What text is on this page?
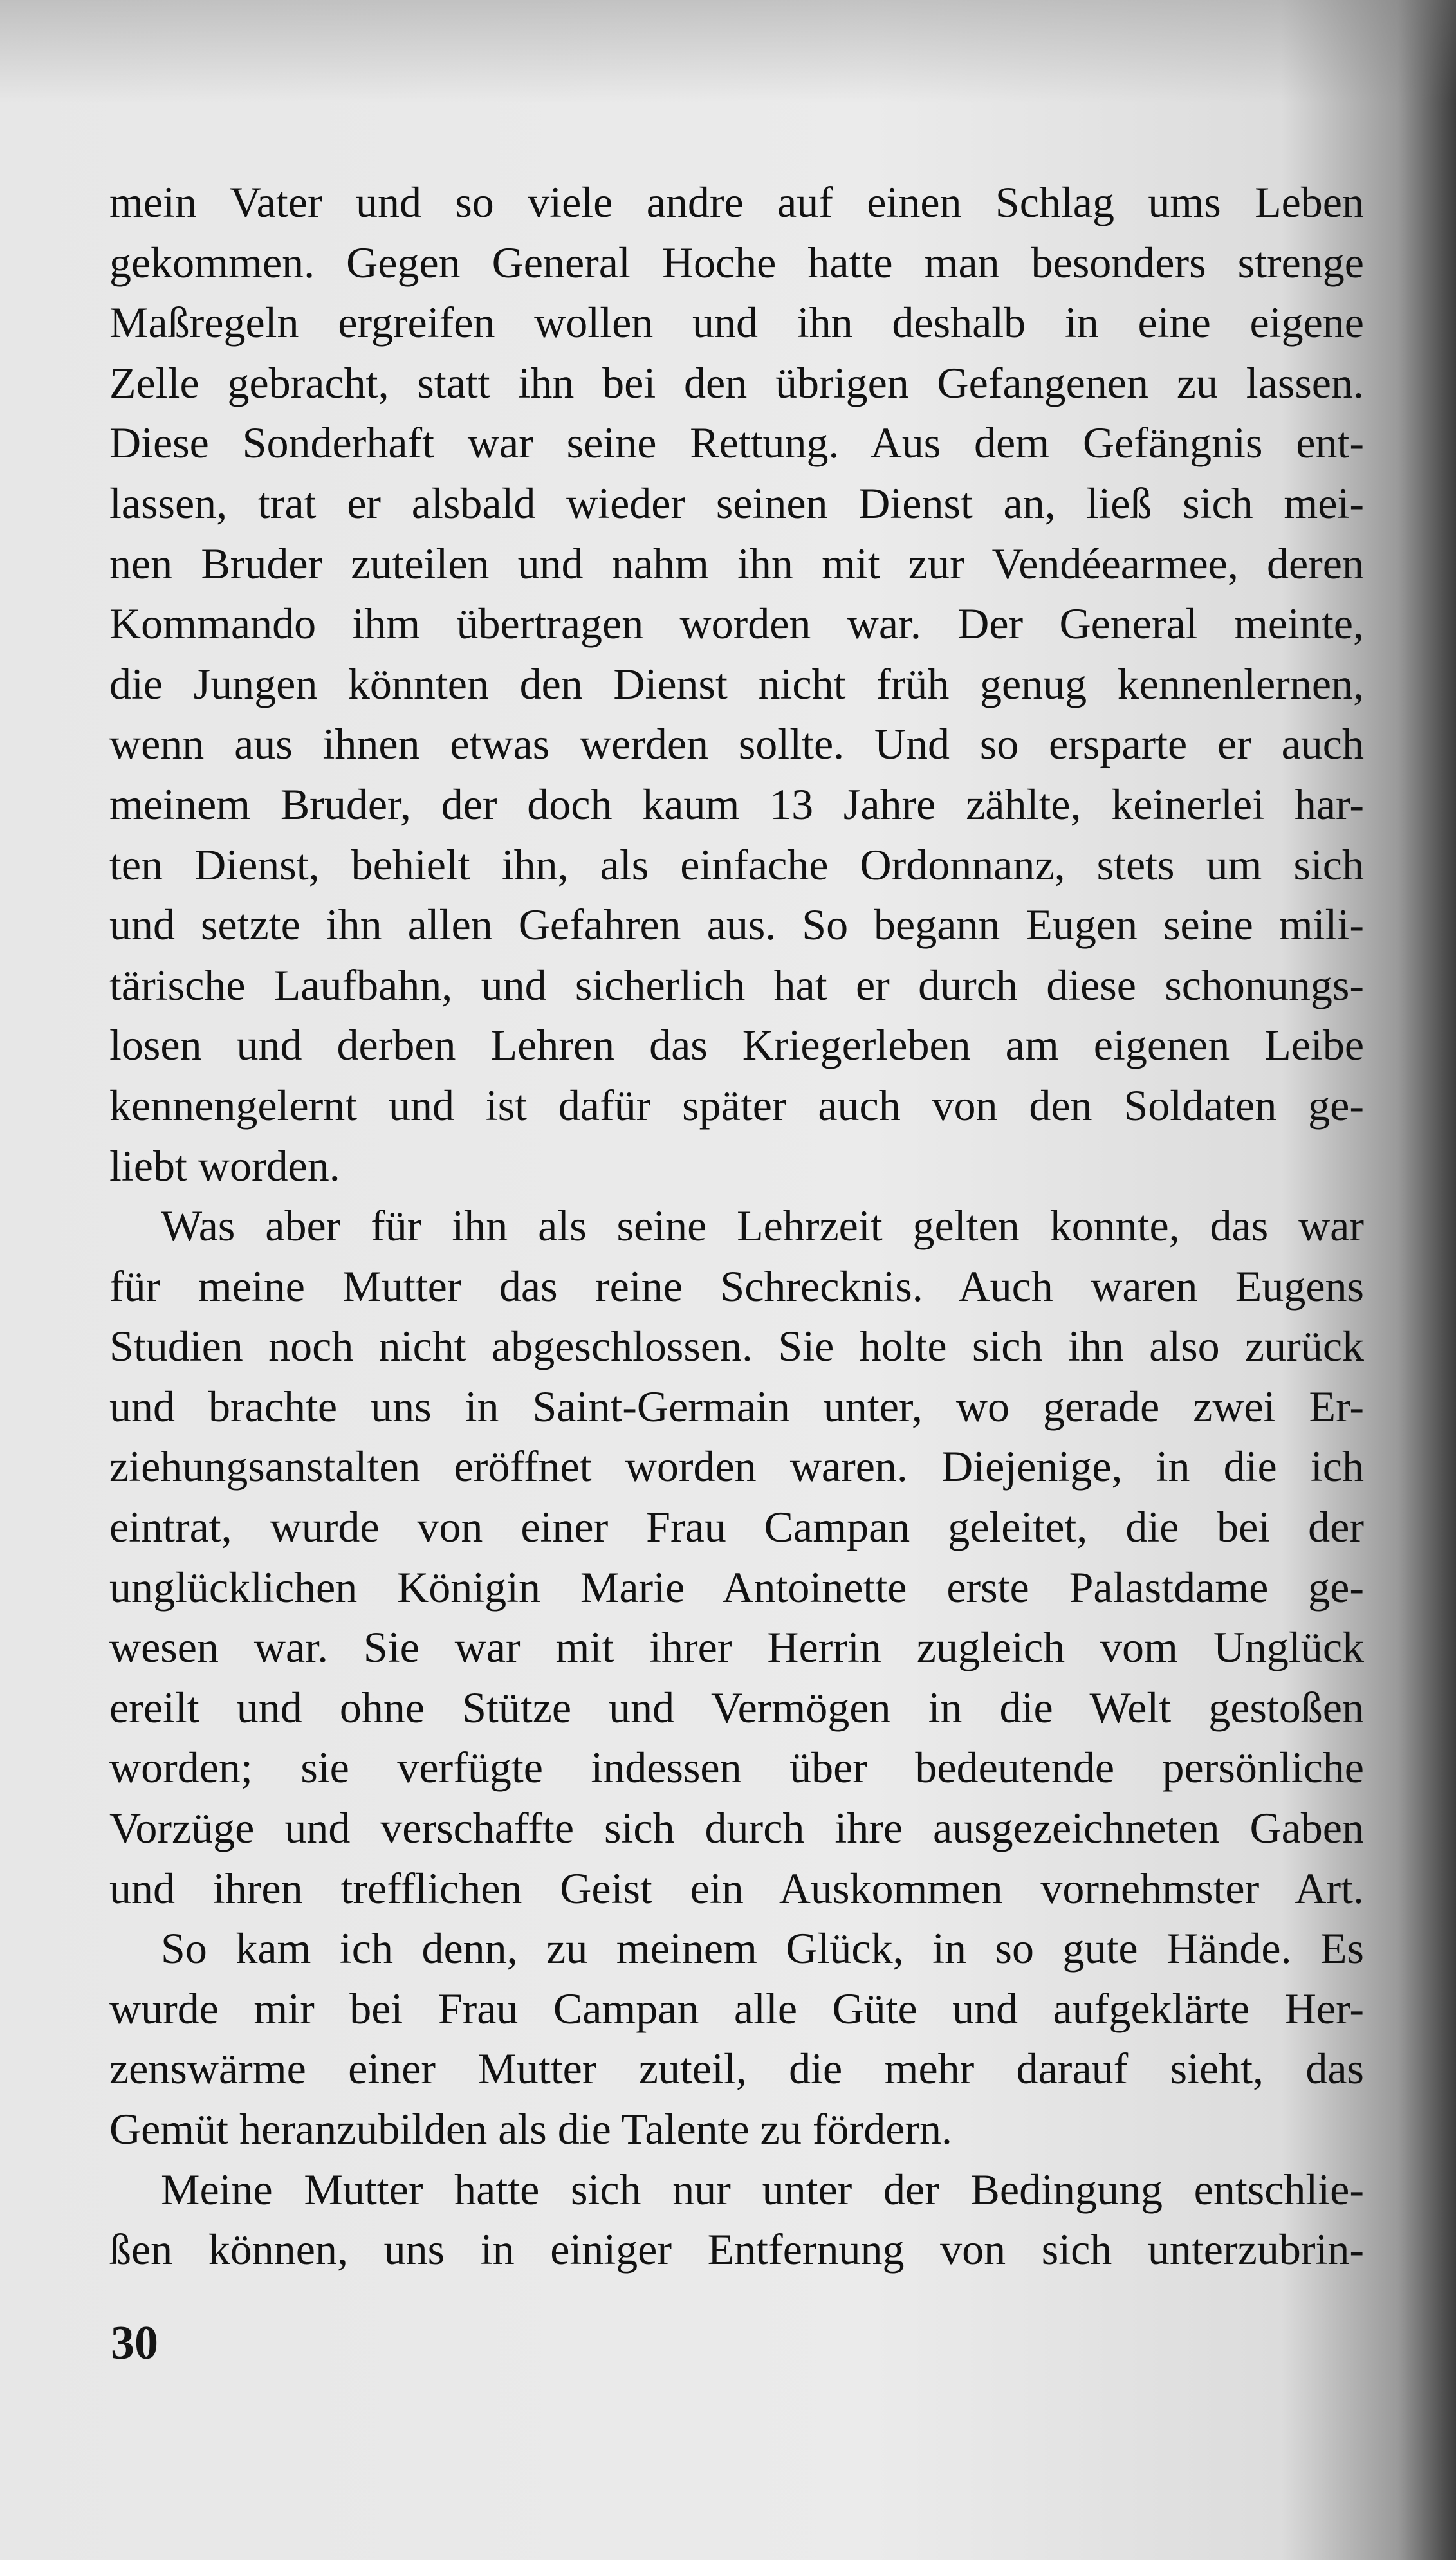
mein Vater und so viele andre auf einen Schlag ums Leben
gekommen. Gegen General Hoche hatte man besonders strenge
Maßregeln ergreifen wollen und ihn deshalb in eine eigene
Zelle gebracht, statt ihn bei den übrigen Gefangenen zu lassen.
Diese Sonderhaft war seine Rettung. Aus dem Gefängnis ent-
lassen, trat er alsbald wieder seinen Dienst an, ließ sich mei-
nen Bruder zuteilen und nahm ihn mit zur Vendéearmee, deren
Kommando ihm übertragen worden war. Der General meinte,
die Jungen könnten den Dienst nicht früh genug kennenlernen,
wenn aus ihnen etwas werden sollte. Und so ersparte er auch
meinem Bruder, der doch kaum 13 Jahre zählte, keinerlei har-
ten Dienst, behielt ihn, als einfache Ordonnanz, stets um sich
und setzte ihn allen Gefahren aus. So begann Eugen seine mili-
tärische Laufbahn, und sicherlich hat er durch diese schonungs-
losen und derben Lehren das Kriegerleben am eigenen Leibe
kennengelernt und ist dafür später auch von den Soldaten ge-
liebt worden.
Was aber für ihn als seine Lehrzeit gelten konnte, das war
für meine Mutter das reine Schrecknis. Auch waren Eugens
Studien noch nicht abgeschlossen. Sie holte sich ihn also zurück
und brachte uns in Saint-Germain unter, wo gerade zwei Er-
ziehungsanstalten eröffnet worden waren. Diejenige, in die ich
eintrat, wurde von einer Frau Campan geleitet, die bei der
unglücklichen Königin Marie Antoinette erste Palastdame ge-
wesen war. Sie war mit ihrer Herrin zugleich vom Unglück
ereilt und ohne Stütze und Vermögen in die Welt gestoßen
worden; sie verfügte indessen über bedeutende persönliche
Vorzüge und verschaffte sich durch ihre ausgezeichneten Gaben
und ihren trefflichen Geist ein Auskommen vornehmster Art.
So kam ich denn, zu meinem Glück, in so gute Hände. Es
wurde mir bei Frau Campan alle Güte und aufgeklärte Her-
zenswärme einer Mutter zuteil, die mehr darauf sieht, das
Gemüt heranzubilden als die Talente zu fördern.
Meine Mutter hatte sich nur unter der Bedingung entschlie-
ßen können, uns in einiger Entfernung von sich unterzubrin-
30
